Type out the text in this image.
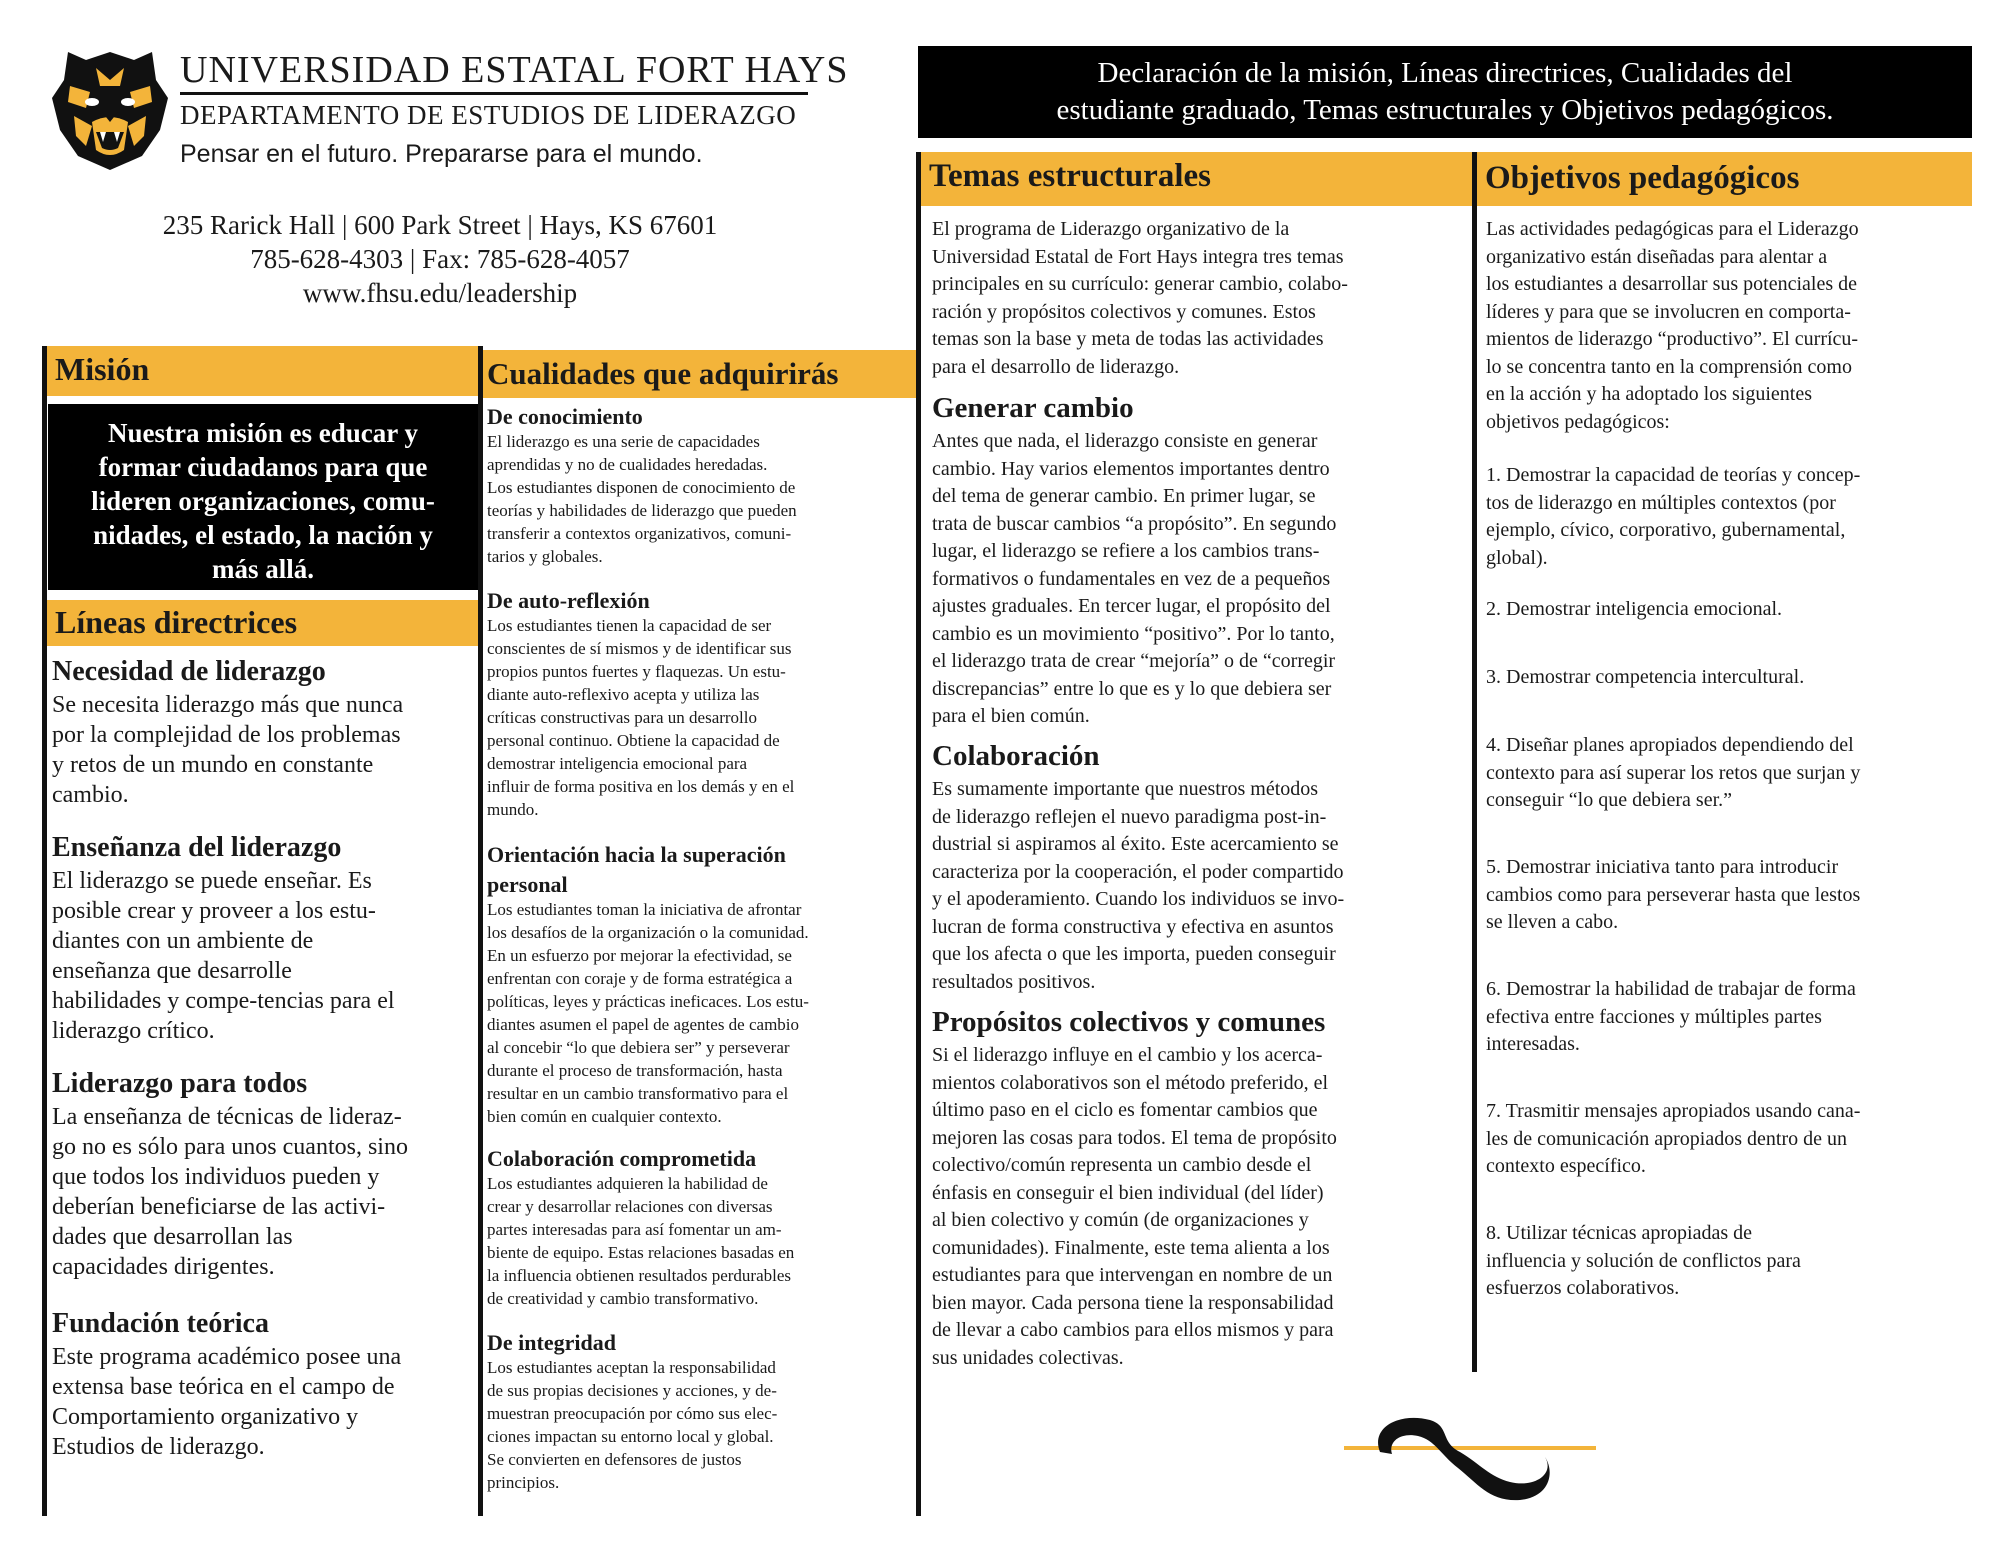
UNIVERSIDAD ESTATAL FORT HAYS
DEPARTAMENTO DE ESTUDIOS DE LIDERAZGO
Pensar en el futuro. Prepararse para el mundo.
235 Rarick Hall | 600 Park Street | Hays, KS 67601
785-628-4303 | Fax: 785-628-4057
www.fhsu.edu/leadership
Declaración de la misión, Líneas directrices, Cualidades del
estudiante graduado, Temas estructurales y Objetivos pedagógicos.
Misión
Nuestra misión es educar y
formar ciudadanos para que
lideren organizaciones, comu-
nidades, el estado, la nación y
más allá.
Líneas directrices
Necesidad de liderazgo
Se necesita liderazgo más que nunca
por la complejidad de los problemas
y retos de un mundo en constante
cambio.
Enseñanza del liderazgo
El liderazgo se puede enseñar. Es
posible crear y proveer a los estu-
diantes con un ambiente de
enseñanza que desarrolle
habilidades y compe-tencias para el
liderazgo crítico.
Liderazgo para todos
La enseñanza de técnicas de lideraz-
go no es sólo para unos cuantos, sino
que todos los individuos pueden y
deberían beneficiarse de las activi-
dades que desarrollan las
capacidades dirigentes.
Fundación teórica
Este programa académico posee una
extensa base teórica en el campo de
Comportamiento organizativo y
Estudios de liderazgo.
Cualidades que adquirirás
De conocimiento
El liderazgo es una serie de capacidades
aprendidas y no de cualidades heredadas.
Los estudiantes disponen de conocimiento de
teorías y habilidades de liderazgo que pueden
transferir a contextos organizativos, comuni-
tarios y globales.
De auto-reflexión
Los estudiantes tienen la capacidad de ser
conscientes de sí mismos y de identificar sus
propios puntos fuertes y flaquezas. Un estu-
diante auto-reflexivo acepta y utiliza las
críticas constructivas para un desarrollo
personal continuo. Obtiene la capacidad de
demostrar inteligencia emocional para
influir de forma positiva en los demás y en el
mundo.
Orientación hacia la superación
personal
Los estudiantes toman la iniciativa de afrontar
los desafíos de la organización o la comunidad.
En un esfuerzo por mejorar la efectividad, se
enfrentan con coraje y de forma estratégica a
políticas, leyes y prácticas ineficaces. Los estu-
diantes asumen el papel de agentes de cambio
al concebir “lo que debiera ser” y perseverar
durante el proceso de transformación, hasta
resultar en un cambio transformativo para el
bien común en cualquier contexto.
Colaboración comprometida
Los estudiantes adquieren la habilidad de
crear y desarrollar relaciones con diversas
partes interesadas para así fomentar un am-
biente de equipo. Estas relaciones basadas en
la influencia obtienen resultados perdurables
de creatividad y cambio transformativo.
De integridad
Los estudiantes aceptan la responsabilidad
de sus propias decisiones y acciones, y de-
muestran preocupación por cómo sus elec-
ciones impactan su entorno local y global.
Se convierten en defensores de justos
principios.
Temas estructurales
El programa de Liderazgo organizativo de la
Universidad Estatal de Fort Hays integra tres temas
principales en su currículo: generar cambio, colabo-
ración y propósitos colectivos y comunes. Estos
temas son la base y meta de todas las actividades
para el desarrollo de liderazgo.
Generar cambio
Antes que nada, el liderazgo consiste en generar
cambio. Hay varios elementos importantes dentro
del tema de generar cambio. En primer lugar, se
trata de buscar cambios “a propósito”. En segundo
lugar, el liderazgo se refiere a los cambios trans-
formativos o fundamentales en vez de a pequeños
ajustes graduales. En tercer lugar, el propósito del
cambio es un movimiento “positivo”. Por lo tanto,
el liderazgo trata de crear “mejoría” o de “corregir
discrepancias” entre lo que es y lo que debiera ser
para el bien común.
Colaboración
Es sumamente importante que nuestros métodos
de liderazgo reflejen el nuevo paradigma post-in-
dustrial si aspiramos al éxito. Este acercamiento se
caracteriza por la cooperación, el poder compartido
y el apoderamiento. Cuando los individuos se invo-
lucran de forma constructiva y efectiva en asuntos
que los afecta o que les importa, pueden conseguir
resultados positivos.
Propósitos colectivos y comunes
Si el liderazgo influye en el cambio y los acerca-
mientos colaborativos son el método preferido, el
último paso en el ciclo es fomentar cambios que
mejoren las cosas para todos. El tema de propósito
colectivo/común representa un cambio desde el
énfasis en conseguir el bien individual (del líder)
al bien colectivo y común (de organizaciones y
comunidades). Finalmente, este tema alienta a los
estudiantes para que intervengan en nombre de un
bien mayor. Cada persona tiene la responsabilidad
de llevar a cabo cambios para ellos mismos y para
sus unidades colectivas.
Objetivos pedagógicos
Las actividades pedagógicas para el Liderazgo
organizativo están diseñadas para alentar a
los estudiantes a desarrollar sus potenciales de
líderes y para que se involucren en comporta-
mientos de liderazgo “productivo”. El currícu-
lo se concentra tanto en la comprensión como
en la acción y ha adoptado los siguientes
objetivos pedagógicos:
1. Demostrar la capacidad de teorías y concep-
tos de liderazgo en múltiples contextos (por
ejemplo, cívico, corporativo, gubernamental,
global).
2. Demostrar inteligencia emocional.
3. Demostrar competencia intercultural.
4. Diseñar planes apropiados dependiendo del
contexto para así superar los retos que surjan y
conseguir “lo que debiera ser.”
5. Demostrar iniciativa tanto para introducir
cambios como para perseverar hasta que lestos
se lleven a cabo.
6. Demostrar la habilidad de trabajar de forma
efectiva entre facciones y múltiples partes
interesadas.
7. Trasmitir mensajes apropiados usando cana-
les de comunicación apropiados dentro de un
contexto específico.
8. Utilizar técnicas apropiadas de
influencia y solución de conflictos para
esfuerzos colaborativos.
